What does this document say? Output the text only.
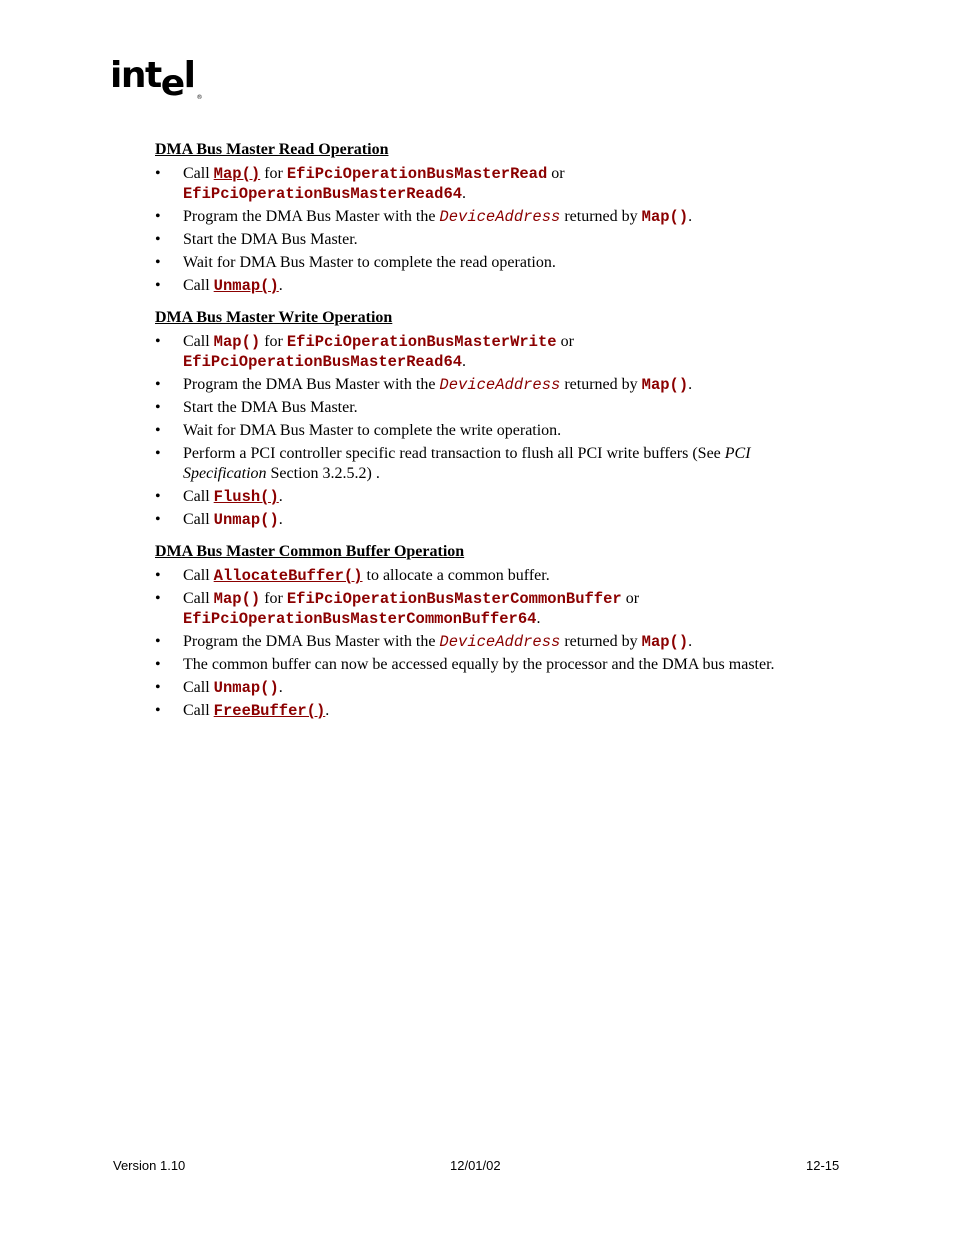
intel$_®$
DMA Bus Master Read Operation
• Call Map() for EfiPciOperationBusMasterRead or EfiPciOperationBusMasterRead64.
• Program the DMA Bus Master with the DeviceAddress returned by Map().
• Start the DMA Bus Master.
• Wait for DMA Bus Master to complete the read operation.
• Call Unmap().
DMA Bus Master Write Operation
• Call Map() for EfiPciOperationBusMasterWrite or EfiPciOperationBusMasterRead64.
• Program the DMA Bus Master with the DeviceAddress returned by Map().
• Start the DMA Bus Master.
• Wait for DMA Bus Master to complete the write operation.
• Perform a PCI controller specific read transaction to flush all PCI write buffers (See PCI Specification Section 3.2.5.2) .
• Call Flush().
• Call Unmap().
DMA Bus Master Common Buffer Operation
• Call AllocateBuffer() to allocate a common buffer.
• Call Map() for EfiPciOperationBusMasterCommonBuffer or EfiPciOperationBusMasterCommonBuffer64.
• Program the DMA Bus Master with the DeviceAddress returned by Map().
• The common buffer can now be accessed equally by the processor and the DMA bus master.
• Call Unmap().
• Call FreeBuffer().
Version 1.10	12/01/02	12-15
